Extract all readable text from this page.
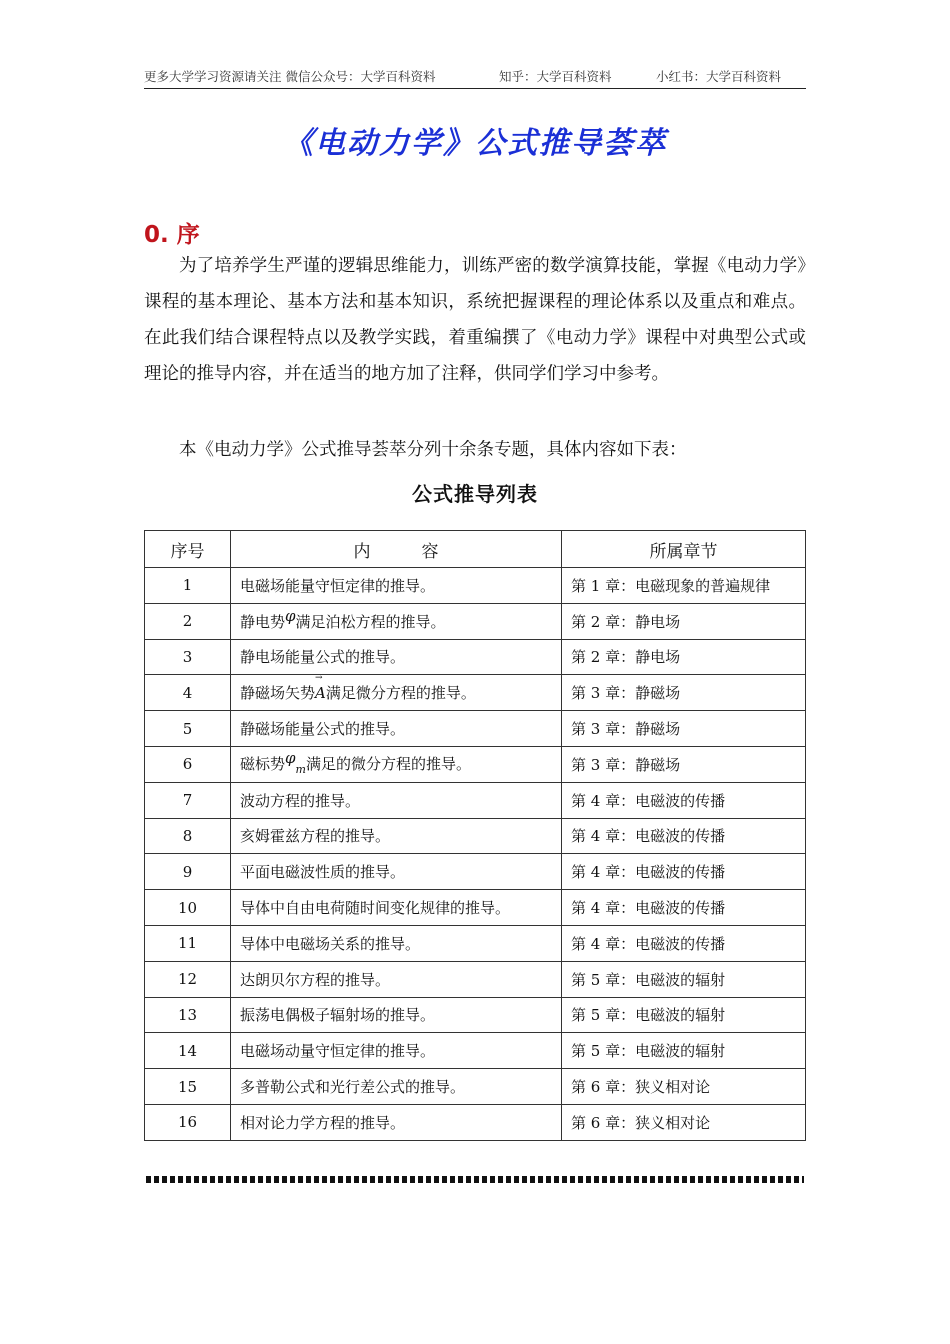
更多大学学习资源请关注 微信公众号：大学百科资料	知乎：大学百科资料	小红书：大学百科资料
《电动力学》公式推导荟萃
0. 序

为了培养学生严谨的逻辑思维能力，训练严密的数学演算技能，掌握《电动力学》课程的基本理论、基本方法和基本知识，系统把握课程的理论体系以及重点和难点。在此我们结合课程特点以及教学实践，着重编撰了《电动力学》课程中对典型公式或理论的推导内容，并在适当的地方加了注释，供同学们学习中参考。

本《电动力学》公式推导荟萃分列十余条专题，具体内容如下表：

公式推导列表
序号	内　　　容	所属章节
1	电磁场能量守恒定律的推导。	第 1 章：电磁现象的普遍规律
2	静电势φ满足泊松方程的推导。	第 2 章：静电场
3	静电场能量公式的推导。	第 2 章：静电场
4	静磁场矢势→ A满足微分方程的推导。	第 3 章：静磁场
5	静磁场能量公式的推导。	第 3 章：静磁场
6	磁标势$\varphi_m$满足的微分方程的推导。	第 3 章：静磁场
7	波动方程的推导。	第 4 章：电磁波的传播
8	亥姆霍兹方程的推导。	第 4 章：电磁波的传播
9	平面电磁波性质的推导。	第 4 章：电磁波的传播
10	导体中自由电荷随时间变化规律的推导。	第 4 章：电磁波的传播
11	导体中电磁场关系的推导。	第 4 章：电磁波的传播
12	达朗贝尔方程的推导。	第 5 章：电磁波的辐射
13	振荡电偶极子辐射场的推导。	第 5 章：电磁波的辐射
14	电磁场动量守恒定律的推导。	第 5 章：电磁波的辐射
15	多普勒公式和光行差公式的推导。	第 6 章：狭义相对论
16	相对论力学方程的推导。	第 6 章：狭义相对论
